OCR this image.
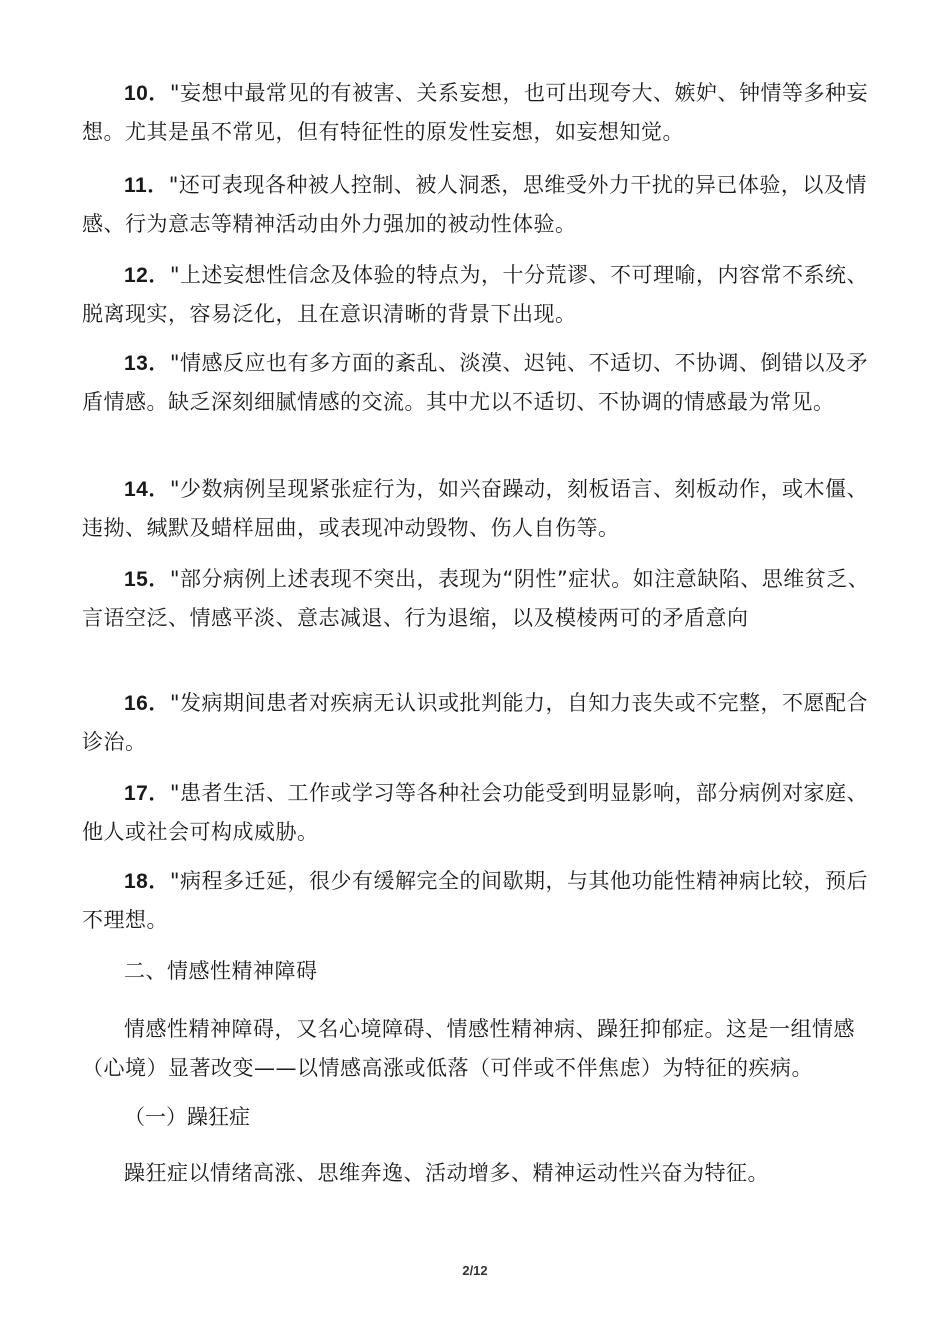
10．"妄想中最常见的有被害、关系妄想，也可出现夸大、嫉妒、钟情等多种妄想。尤其是虽不常见，但有特征性的原发性妄想，如妄想知觉。

11．"还可表现各种被人控制、被人洞悉，思维受外力干扰的异已体验，以及情感、行为意志等精神活动由外力强加的被动性体验。

12．"上述妄想性信念及体验的特点为，十分荒谬、不可理喻，内容常不系统、脱离现实，容易泛化，且在意识清晰的背景下出现。

13．"情感反应也有多方面的紊乱、淡漠、迟钝、不适切、不协调、倒错以及矛盾情感。缺乏深刻细腻情感的交流。其中尤以不适切、不协调的情感最为常见。

14．"少数病例呈现紧张症行为，如兴奋躁动，刻板语言、刻板动作，或木僵、违拗、缄默及蜡样屈曲，或表现冲动毁物、伤人自伤等。

15．"部分病例上述表现不突出，表现为“阴性”症状。如注意缺陷、思维贫乏、言语空泛、情感平淡、意志减退、行为退缩，以及模棱两可的矛盾意向

16．"发病期间患者对疾病无认识或批判能力，自知力丧失或不完整，不愿配合诊治。

17．"患者生活、工作或学习等各种社会功能受到明显影响，部分病例对家庭、他人或社会可构成威胁。

18．"病程多迁延，很少有缓解完全的间歇期，与其他功能性精神病比较，预后不理想。

二、情感性精神障碍

情感性精神障碍，又名心境障碍、情感性精神病、躁狂抑郁症。这是一组情感（心境）显著改变——以情感高涨或低落（可伴或不伴焦虑）为特征的疾病。

（一）躁狂症

躁狂症以情绪高涨、思维奔逸、活动增多、精神运动性兴奋为特征。

2/12
